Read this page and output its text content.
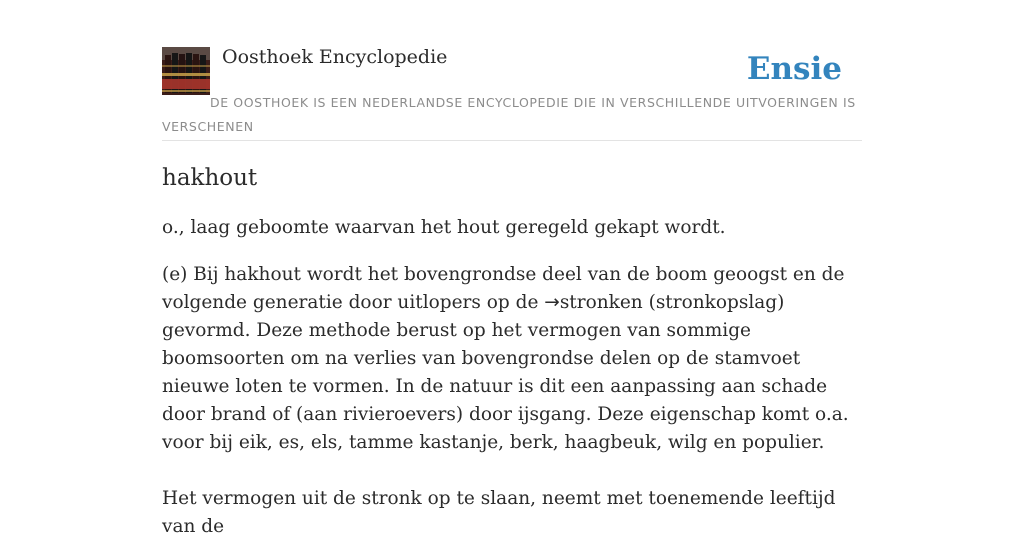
Oosthoek Encyclopedie	Ensie

DE OOSTHOEK IS EEN NEDERLANDSE ENCYCLOPEDIE DIE IN VERSCHILLENDE UITVOERINGEN IS VERSCHENEN

hakhout

o., laag geboomte waarvan het hout geregeld gekapt wordt.

(e) Bij hakhout wordt het bovengrondse deel van de boom geoogst en de volgende generatie door uitlopers op de →stronken (stronkopslag) gevormd. Deze methode berust op het vermogen van sommige boomsoorten om na verlies van bovengrondse delen op de stamvoet nieuwe loten te vormen. In de natuur is dit een aanpassing aan schade door brand of (aan rivieroevers) door ijsgang. Deze eigenschap komt o.a. voor bij eik, es, els, tamme kastanje, berk, haagbeuk, wilg en populier.

Het vermogen uit de stronk op te slaan, neemt met toenemende leeftijd van de
